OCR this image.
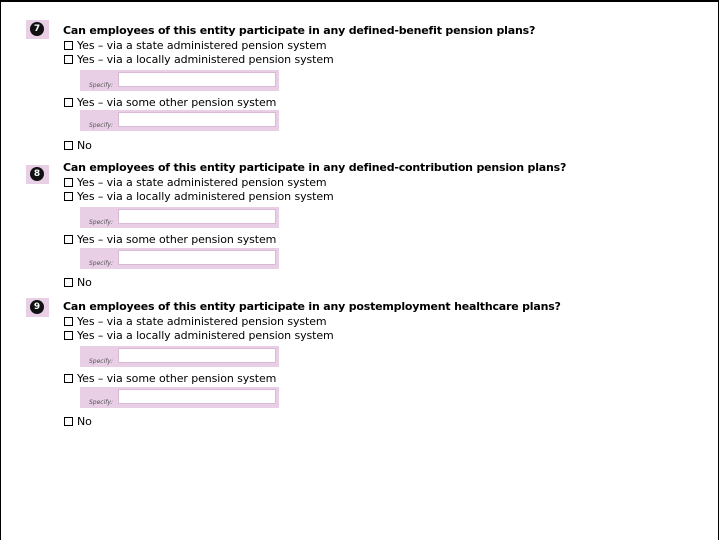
7	Can employees of this entity participate in any defined-benefit pension plans?
Yes – via a state administered pension system
Yes – via a locally administered pension system
Specify:
Yes – via some other pension system
Specify:
No
8	Can employees of this entity participate in any defined-contribution pension plans?
Yes – via a state administered pension system
Yes – via a locally administered pension system
Specify:
Yes – via some other pension system
Specify:
No
9	Can employees of this entity participate in any postemployment healthcare plans?
Yes – via a state administered pension system
Yes – via a locally administered pension system
Specify:
Yes – via some other pension system
Specify:
No
